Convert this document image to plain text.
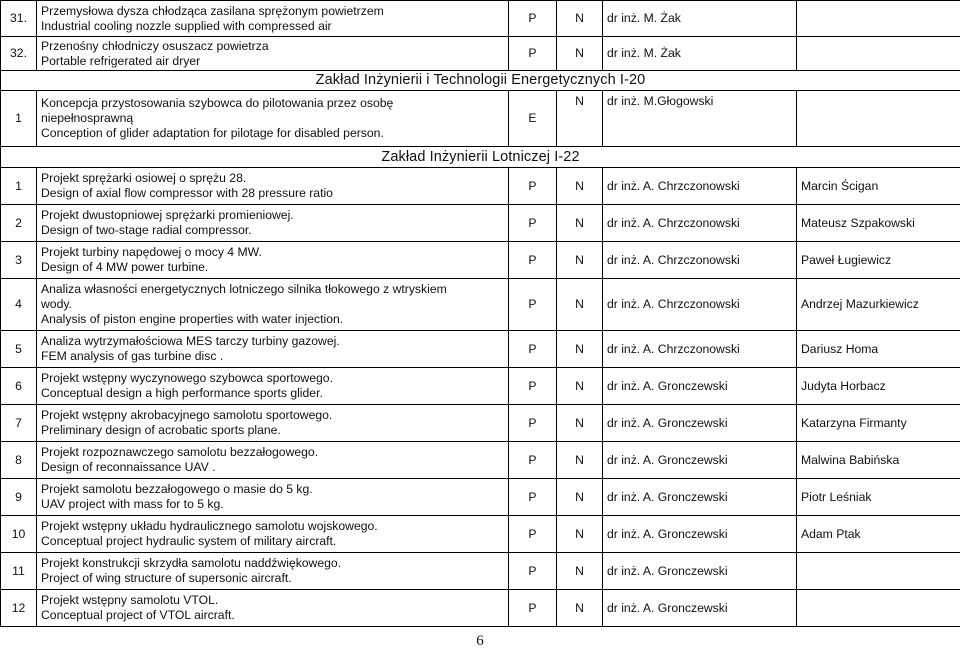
31.	Przemysłowa dysza chłodząca zasilana sprężonym powietrzem
Industrial cooling nozzle supplied with compressed air	P	N	dr inż. M. Żak	
32.	Przenośny chłodniczy osuszacz powietrza
Portable refrigerated air dryer	P	N	dr inż. M. Żak	
Zakład Inżynierii i Technologii Energetycznych I-20					
1	Koncepcja przystosowania szybowca do pilotowania przez osobę
niepełnosprawną
Conception of glider adaptation for pilotage for disabled person.	E	N	dr inż. M.Głogowski	
Zakład Inżynierii Lotniczej I-22					
1	Projekt sprężarki osiowej o sprężu 28.
Design of axial flow compressor with 28 pressure ratio	P	N	dr inż. A. Chrzczonowski	Marcin Ścigan
2	Projekt dwustopniowej sprężarki promieniowej.
Design of two-stage radial compressor.	P	N	dr inż. A. Chrzczonowski	Mateusz Szpakowski
3	Projekt turbiny napędowej o mocy 4 MW.
Design of 4 MW power turbine.	P	N	dr inż. A. Chrzczonowski	Paweł Ługiewicz
4	Analiza własności energetycznych lotniczego silnika tłokowego z wtryskiem
wody.
Analysis of piston engine properties with water injection.	P	N	dr inż. A. Chrzczonowski	Andrzej Mazurkiewicz
5	Analiza wytrzymałościowa MES tarczy turbiny gazowej.
FEM analysis of gas turbine disc .	P	N	dr inż. A. Chrzczonowski	Dariusz Homa
6	Projekt wstępny wyczynowego szybowca sportowego.
Conceptual design a high performance sports glider.	P	N	dr inż. A. Gronczewski	Judyta Horbacz
7	Projekt wstępny akrobacyjnego samolotu sportowego.
Preliminary design of acrobatic sports plane.	P	N	dr inż. A. Gronczewski	Katarzyna Firmanty
8	Projekt rozpoznawczego samolotu bezzałogowego.
Design of reconnaissance UAV .	P	N	dr inż. A. Gronczewski	Malwina Babińska
9	Projekt samolotu bezzałogowego o masie do 5 kg.
UAV project with mass for to 5 kg.	P	N	dr inż. A. Gronczewski	Piotr Leśniak
10	Projekt wstępny układu hydraulicznego samolotu wojskowego.
Conceptual project hydraulic system of military aircraft.	P	N	dr inż. A. Gronczewski	Adam Ptak
11	Projekt konstrukcji skrzydła samolotu naddźwiękowego.
Project of wing structure of supersonic aircraft.	P	N	dr inż. A. Gronczewski	
12	Projekt wstępny samolotu VTOL.
Conceptual project of VTOL aircraft.	P	N	dr inż. A. Gronczewski	
6
